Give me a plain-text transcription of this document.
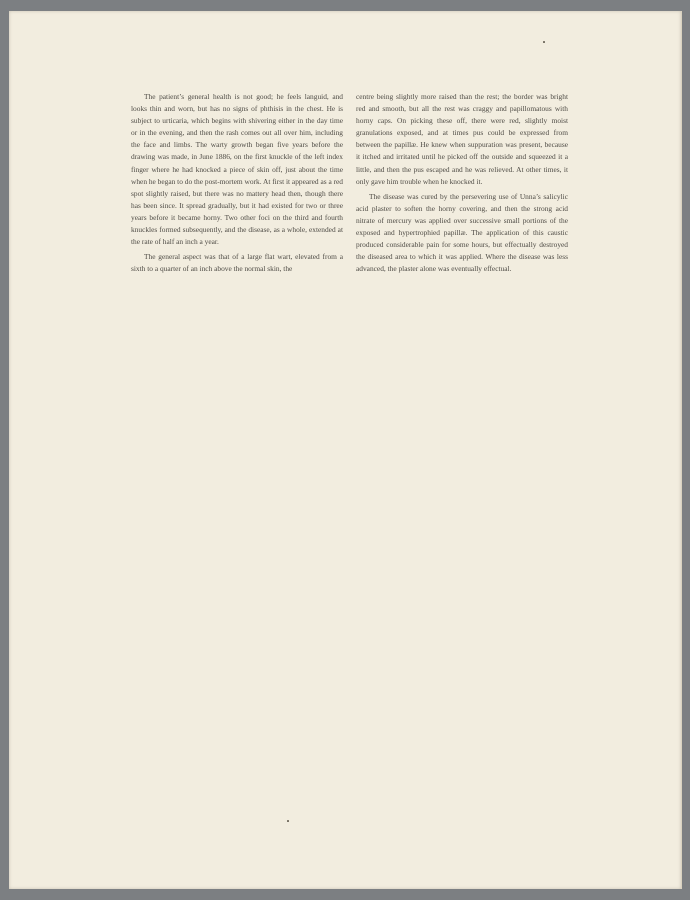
The patient’s general health is not good; he feels languid, and looks thin and worn, but has no signs of phthisis in the chest. He is subject to urticaria, which begins with shivering either in the day time or in the evening, and then the rash comes out all over him, including the face and limbs. The warty growth began five years before the drawing was made, in June 1886, on the first knuckle of the left index finger where he had knocked a piece of skin off, just about the time when he began to do the post-mortem work. At first it appeared as a red spot slightly raised, but there was no mattery head then, though there has been since. It spread gradually, but it had existed for two or three years before it became horny. Two other foci on the third and fourth knuckles formed subsequently, and the disease, as a whole, extended at the rate of half an inch a year.

The general aspect was that of a large flat wart, elevated from a sixth to a quarter of an inch above the normal skin, the

centre being slightly more raised than the rest; the border was bright red and smooth, but all the rest was craggy and papillomatous with horny caps. On picking these off, there were red, slightly moist granulations exposed, and at times pus could be expressed from between the papillæ. He knew when suppuration was present, because it itched and irritated until he picked off the outside and squeezed it a little, and then the pus escaped and he was relieved. At other times, it only gave him trouble when he knocked it.

The disease was cured by the persevering use of Unna’s salicylic acid plaster to soften the horny covering, and then the strong acid nitrate of mercury was applied over successive small portions of the exposed and hypertrophied papillæ. The application of this caustic produced considerable pain for some hours, but effectually destroyed the diseased area to which it was applied. Where the disease was less advanced, the plaster alone was eventually effectual.
